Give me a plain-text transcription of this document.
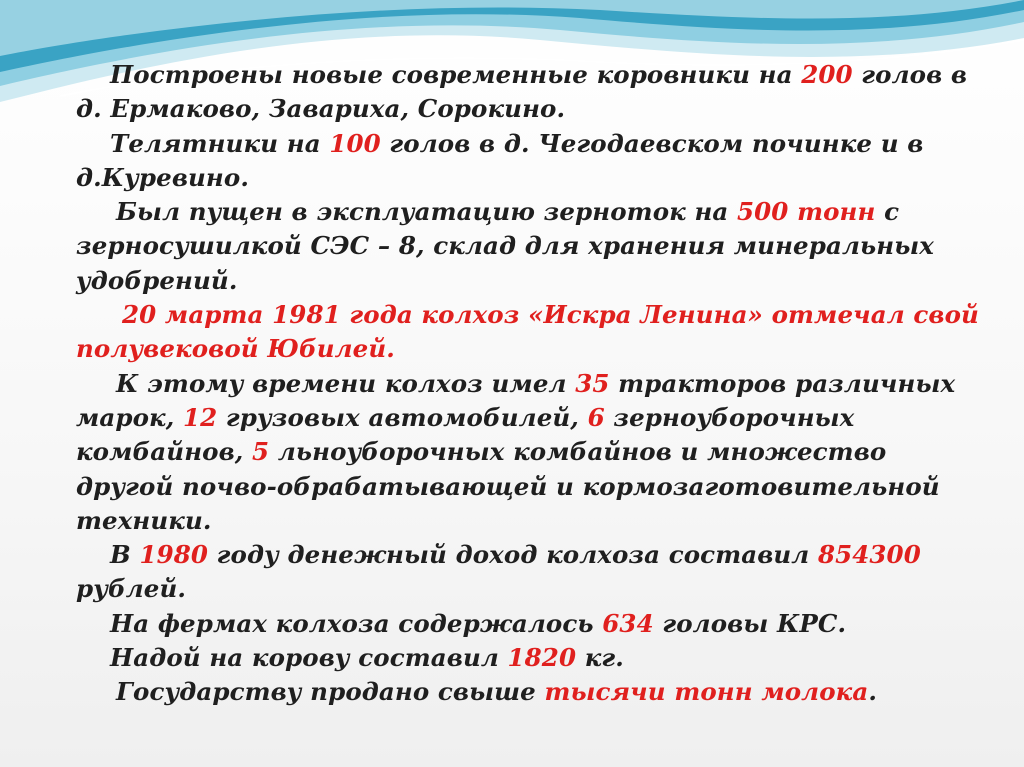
Построены новые современные коровники на 200 голов в
д. Ермаково, Заварихa, Сорокино.
Телятники на 100 голов в д. Чегодаевском починке и в
д.Куревино.
Был пущен в эксплуатацию зерноток на 500 тонн с
зерносушилкой СЭС – 8, склад для хранения минеральных
удобрений.
20 марта 1981 года колхоз «Искра Ленина» отмечал свой
полувековой Юбилей.
К этому времени колхоз имел 35 тракторов различных
марок, 12 грузовых автомобилей, 6 зерноуборочных
комбайнов, 5 льноуборочных комбайнов и множество
другой почво-обрабатывающей и кормозаготовительной
техники.
В 1980 году денежный доход колхоза составил 854300
рублей.
На фермах колхоза содержалось 634 головы КРС.
Надой на корову составил 1820 кг.
Государству продано свыше тысячи тонн молока.
